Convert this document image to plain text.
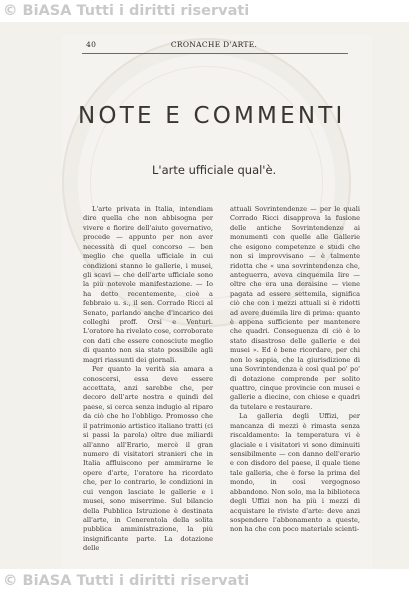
© BiASA Tutti i diritti riservati
40	CRONACHE D'ARTE.
NOTE E COMMENTI
L'arte ufficiale qual'è.

L'arte privata in Italia, intendiam dire quella che non abbisogna per vivere e fiorire dell'aiuto governativo, procede — appunto per non aver necessità di quel concorso — ben meglio che quella ufficiale in cui condizioni stanno le gallerie, i musei, gli scavi — che dell'arte ufficiale sono la più notevole manifestazione. — Io ha detto recentemente, cioè a febbraio u. s., il sen. Corrado Ricci al Senato, parlando anche d'incarico dei colleghi proff. Orsi e Venturi. L'oratore ha rivelato cose, corroborate con dati che essere conosciute meglio di quanto non sia stato possibile agli magri riassunti dei giornali.

Per quanto la verità sia amara a conoscersi, essa deve essere accettata, anzi sarebbe che, per decoro dell'arte nostra e quindi del paese, si cerca senza indugio al riparo da ciò che ho l'obbligo. Promosso che il patrimonio artistico italiano tratti (ci si passi la parola) oltre due miliardi all'anno all'Erario, mercè il gran numero di visitatori stranieri che in Italia affluiscono per ammirarne le opere d'arte, l'oratore ha ricordato che, per lo contrario, le condizioni in cui vengon lasciate le gallerie e i musei, sono miserrime. Sul bilancio della Pubblica Istruzione è destinata all'arte, in Cenerentola della solita pubblica amministrazione, la più insignificante parte. La dotazione delle

attuali Sovrintendenze — per le quali Corrado Ricci disapprova la fusione delle antiche Sovrintendenze ai monumenti con quelle alle Gallerie che esigono competenze e studi che non si improvvisano — è talmente ridotta che « una sovrintendenza che, anteguerra, aveva cinquemila lire — oltre che era una deraisine — viene pagata ad essere settemila, significa ciò che con i mezzi attuali si è ridotti ad avere duemila lire di prima: quanto è appena sufficiente per mantenere che quadri. Conseguenza di ciò è lo stato disastroso delle gallerie e dei musei ». Ed è bene ricordare, per chi non lo sappia, che la giurisdizione di una Sovrintendenza è così qual po' po' di dotazione comprende per solito quattro, cinque provincie con musei e gallerie a diecine, con chiese e quadri da tutelare e restaurare.

La galleria degli Uffizi, per mancanza di mezzi è rimasta senza riscaldamento: la temperatura vi è glaciale e i visitatori vi sono diminuiti sensibilmente — con danno dell'erario e con disdoro del paese, il quale tiene tale galleria, che è forse la prima del mondo, in così vergognoso abbandono. Non solo, ma la biblioteca degli Uffizi non ha più i mezzi di acquistare le riviste d'arte: deve anzi sospendere l'abbonamento a queste, non ha che con poco materiale scienti-

© BiASA Tutti i diritti riservati
